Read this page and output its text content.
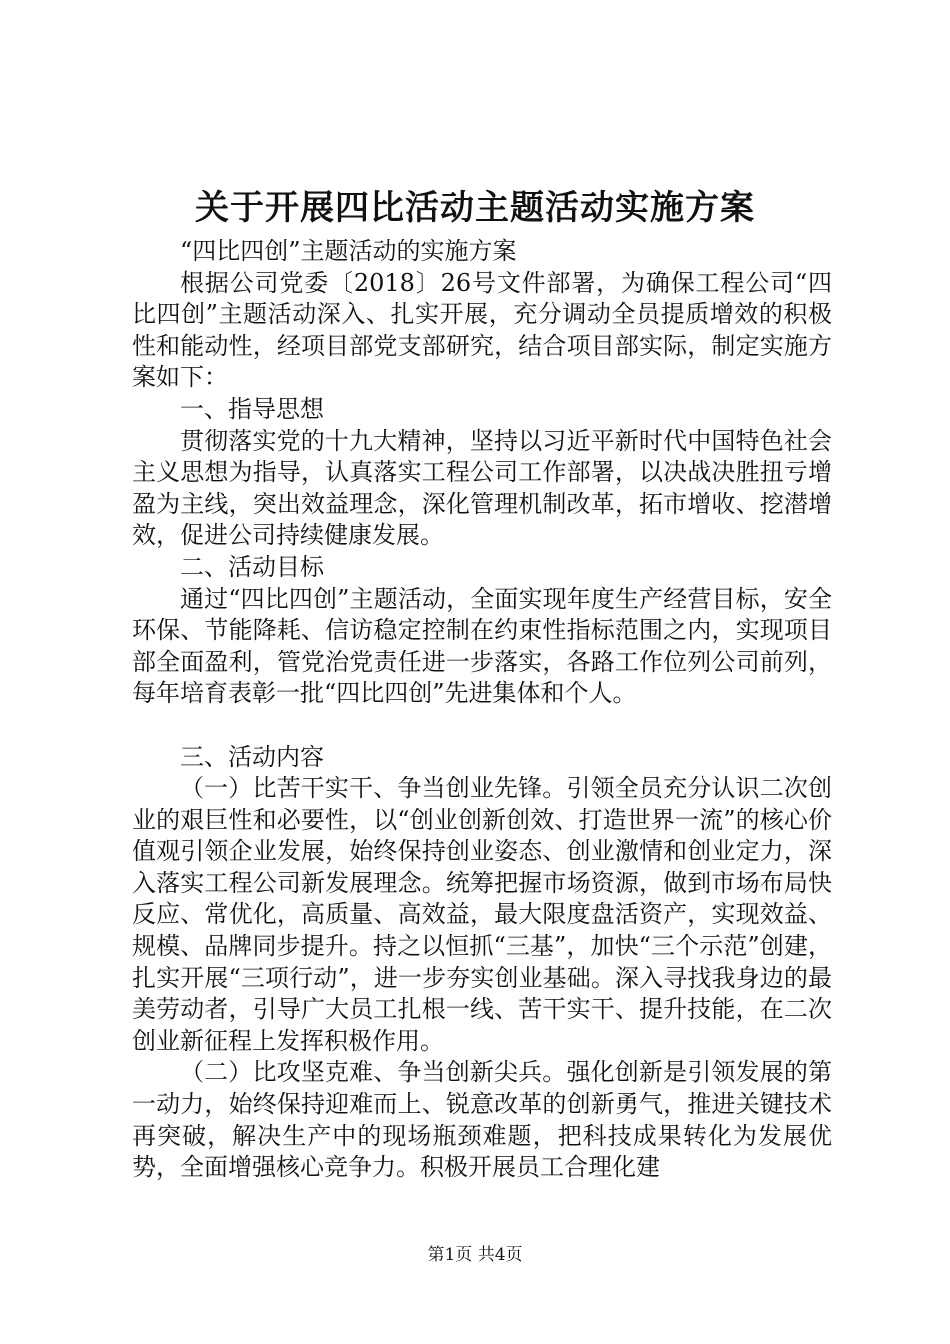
关于开展四比活动主题活动实施方案

“四比四创”主题活动的实施方案

根据公司党委〔2018〕26号文件部署，为确保工程公司“四比四创”主题活动深入、扎实开展，充分调动全员提质增效的积极性和能动性，经项目部党支部研究，结合项目部实际，制定实施方案如下：

一、指导思想

贯彻落实党的十九大精神，坚持以习近平新时代中国特色社会主义思想为指导，认真落实工程公司工作部署，以决战决胜扭亏增盈为主线，突出效益理念，深化管理机制改革，拓市增收、挖潜增效，促进公司持续健康发展。

二、活动目标

通过“四比四创”主题活动，全面实现年度生产经营目标，安全环保、节能降耗、信访稳定控制在约束性指标范围之内，实现项目部全面盈利，管党治党责任进一步落实，各路工作位列公司前列，每年培育表彰一批“四比四创”先进集体和个人。

三、活动内容

（一）比苦干实干、争当创业先锋。引领全员充分认识二次创业的艰巨性和必要性，以“创业创新创效、打造世界一流”的核心价值观引领企业发展，始终保持创业姿态、创业激情和创业定力，深入落实工程公司新发展理念。统筹把握市场资源，做到市场布局快反应、常优化，高质量、高效益，最大限度盘活资产，实现效益、规模、品牌同步提升。持之以恒抓“三基”，加快“三个示范”创建，扎实开展“三项行动”，进一步夯实创业基础。深入寻找我身边的最美劳动者，引导广大员工扎根一线、苦干实干、提升技能，在二次创业新征程上发挥积极作用。

（二）比攻坚克难、争当创新尖兵。强化创新是引领发展的第一动力，始终保持迎难而上、锐意改革的创新勇气，推进关键技术再突破，解决生产中的现场瓶颈难题，把科技成果转化为发展优势，全面增强核心竞争力。积极开展员工合理化建

第1页 共4页
